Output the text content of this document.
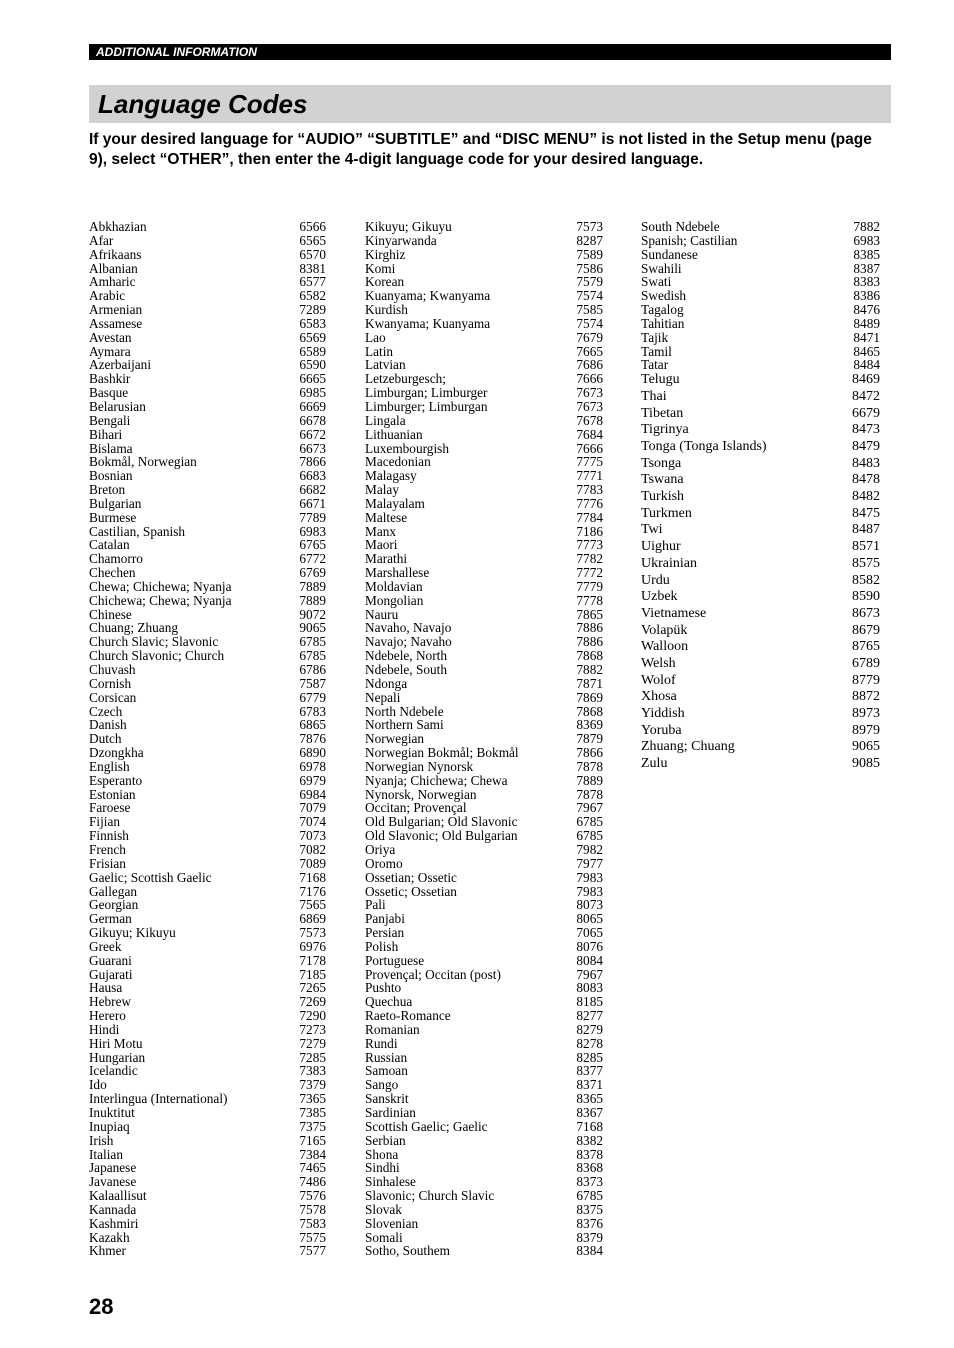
ADDITIONAL INFORMATION
Language Codes

If your desired language for “AUDIO” “SUBTITLE” and “DISC MENU” is not listed in the Setup menu (page 9), select “OTHER”, then enter the 4-digit language code for your desired language.

Abkhazian	6566
Afar	6565
Afrikaans	6570
Albanian	8381
Amharic	6577
Arabic	6582
Armenian	7289
Assamese	6583
Avestan	6569
Aymara	6589
Azerbaijani	6590
Bashkir	6665
Basque	6985
Belarusian	6669
Bengali	6678
Bihari	6672
Bislama	6673
Bokmål, Norwegian	7866
Bosnian	6683
Breton	6682
Bulgarian	6671
Burmese	7789
Castilian, Spanish	6983
Catalan	6765
Chamorro	6772
Chechen	6769
Chewa; Chichewa; Nyanja	7889
Chichewa; Chewa; Nyanja	7889
Chinese	9072
Chuang; Zhuang	9065
Church Slavic; Slavonic	6785
Church Slavonic; Church	6785
Chuvash	6786
Cornish	7587
Corsican	6779
Czech	6783
Danish	6865
Dutch	7876
Dzongkha	6890
English	6978
Esperanto	6979
Estonian	6984
Faroese	7079
Fijian	7074
Finnish	7073
French	7082
Frisian	7089
Gaelic; Scottish Gaelic	7168
Gallegan	7176
Georgian	7565
German	6869
Gikuyu; Kikuyu	7573
Greek	6976
Guarani	7178
Gujarati	7185
Hausa	7265
Hebrew	7269
Herero	7290
Hindi	7273
Hiri Motu	7279
Hungarian	7285
Icelandic	7383
Ido	7379
Interlingua (International)	7365
Inuktitut	7385
Inupiaq	7375
Irish	7165
Italian	7384
Japanese	7465
Javanese	7486
Kalaallisut	7576
Kannada	7578
Kashmiri	7583
Kazakh	7575
Khmer	7577
Kikuyu; Gikuyu	7573
Kinyarwanda	8287
Kirghiz	7589
Komi	7586
Korean	7579
Kuanyama; Kwanyama	7574
Kurdish	7585
Kwanyama; Kuanyama	7574
Lao	7679
Latin	7665
Latvian	7686
Letzeburgesch;	7666
Limburgan; Limburger	7673
Limburger; Limburgan	7673
Lingala	7678
Lithuanian	7684
Luxembourgish	7666
Macedonian	7775
Malagasy	7771
Malay	7783
Malayalam	7776
Maltese	7784
Manx	7186
Maori	7773
Marathi	7782
Marshallese	7772
Moldavian	7779
Mongolian	7778
Nauru	7865
Navaho, Navajo	7886
Navajo; Navaho	7886
Ndebele, North	7868
Ndebele, South	7882
Ndonga	7871
Nepali	7869
North Ndebele	7868
Northern Sami	8369
Norwegian	7879
Norwegian Bokmål; Bokmål	7866
Norwegian Nynorsk	7878
Nyanja; Chichewa; Chewa	7889
Nynorsk, Norwegian	7878
Occitan; Provençal	7967
Old Bulgarian; Old Slavonic	6785
Old Slavonic; Old Bulgarian	6785
Oriya	7982
Oromo	7977
Ossetian; Ossetic	7983
Ossetic; Ossetian	7983
Pali	8073
Panjabi	8065
Persian	7065
Polish	8076
Portuguese	8084
Provençal; Occitan (post)	7967
Pushto	8083
Quechua	8185
Raeto-Romance	8277
Romanian	8279
Rundi	8278
Russian	8285
Samoan	8377
Sango	8371
Sanskrit	8365
Sardinian	8367
Scottish Gaelic; Gaelic	7168
Serbian	8382
Shona	8378
Sindhi	8368
Sinhalese	8373
Slavonic; Church Slavic	6785
Slovak	8375
Slovenian	8376
Somali	8379
Sotho, Southem	8384
South Ndebele	7882
Spanish; Castilian	6983
Sundanese	8385
Swahili	8387
Swati	8383
Swedish	8386
Tagalog	8476
Tahitian	8489
Tajik	8471
Tamil	8465
Tatar	8484
Telugu	8469
Thai	8472
Tibetan	6679
Tigrinya	8473
Tonga (Tonga Islands)	8479
Tsonga	8483
Tswana	8478
Turkish	8482
Turkmen	8475
Twi	8487
Uighur	8571
Ukrainian	8575
Urdu	8582
Uzbek	8590
Vietnamese	8673
Volapük	8679
Walloon	8765
Welsh	6789
Wolof	8779
Xhosa	8872
Yiddish	8973
Yoruba	8979
Zhuang; Chuang	9065
Zulu	9085
28
